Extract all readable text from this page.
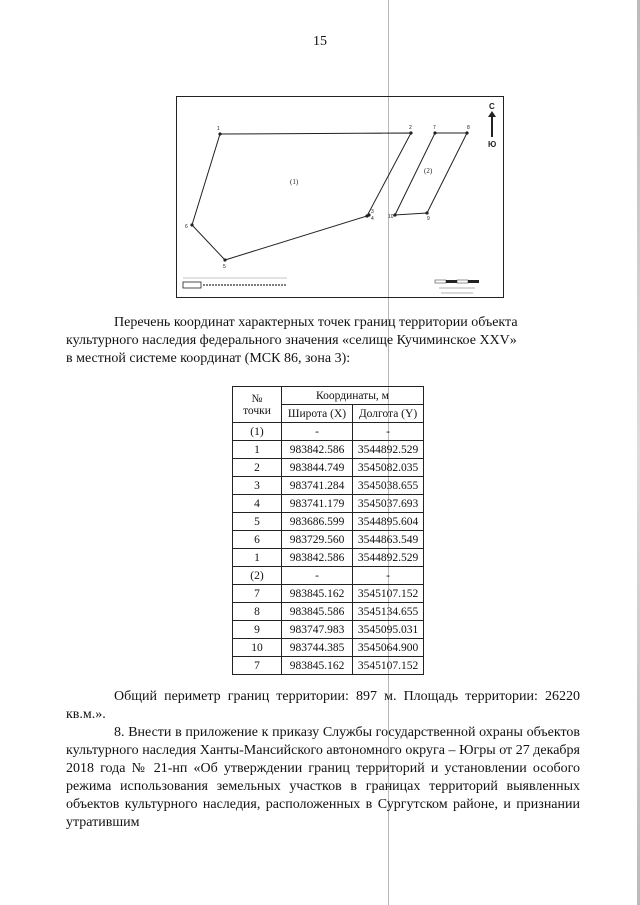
15
1	2
3
4
5
6
7	8
9
10
(1)
(2)
С
Ю
Перечень координат характерных точек границ территории объекта
культурного наследия федерального значения «селище Кучиминское XXV»
в местной системе координат (МСК 86, зона 3):
№ точки	Координаты, м	
	Широта (X)	Долгота (Y)
(1)	-	-
1	983842.586	3544892.529
2	983844.749	3545082.035
3	983741.284	3545038.655
4	983741.179	3545037.693
5	983686.599	3544895.604
6	983729.560	3544863.549
1	983842.586	3544892.529
(2)	-	-
7	983845.162	3545107.152
8	983845.586	3545134.655
9	983747.983	3545095.031
10	983744.385	3545064.900
7	983845.162	3545107.152
Общий периметр границ территории: 897 м. Площадь территории: 26220 кв.м.».
8. Внести в приложение к приказу Службы государственной охраны объектов культурного наследия Ханты-Мансийского автономного округа – Югры от 27 декабря 2018 года № 21-нп «Об утверждении границ территорий и установлении особого режима использования земельных участков в границах территорий выявленных объектов культурного наследия, расположенных в Сургутском районе, и признании утратившим
